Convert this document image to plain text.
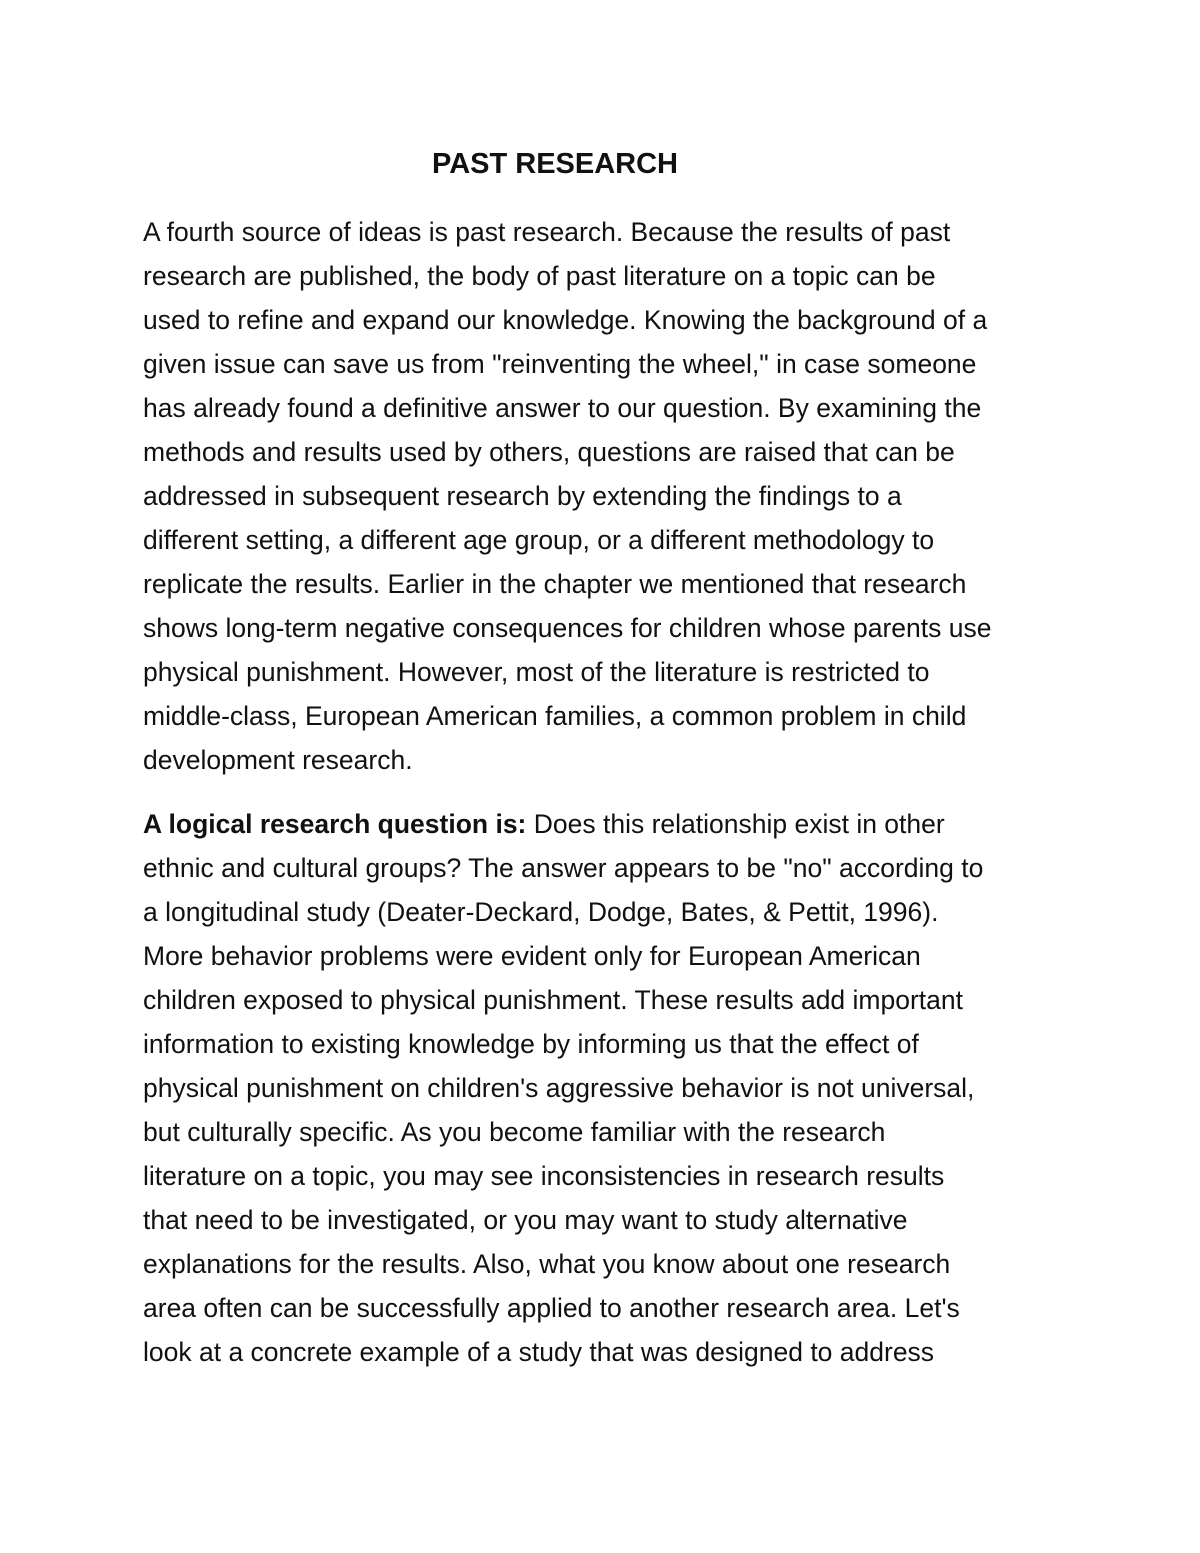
PAST RESEARCH

A fourth source of ideas is past research. Because the results of past
research are published, the body of past literature on a topic can be
used to refine and expand our knowledge. Knowing the background of a
given issue can save us from "reinventing the wheel," in case someone
has already found a definitive answer to our question. By examining the
methods and results used by others, questions are raised that can be
addressed in subsequent research by extending the findings to a
different setting, a different age group, or a different methodology to
replicate the results. Earlier in the chapter we mentioned that research
shows long-term negative consequences for children whose parents use
physical punishment. However, most of the literature is restricted to
middle-class, European American families, a common problem in child
development research.

A logical research question is: Does this relationship exist in other
ethnic and cultural groups? The answer appears to be "no" according to
a longitudinal study (Deater-Deckard, Dodge, Bates, & Pettit, 1996).
More behavior problems were evident only for European American
children exposed to physical punishment. These results add important
information to existing knowledge by informing us that the effect of
physical punishment on children's aggressive behavior is not universal,
but culturally specific. As you become familiar with the research
literature on a topic, you may see inconsistencies in research results
that need to be investigated, or you may want to study alternative
explanations for the results. Also, what you know about one research
area often can be successfully applied to another research area. Let's
look at a concrete example of a study that was designed to address
